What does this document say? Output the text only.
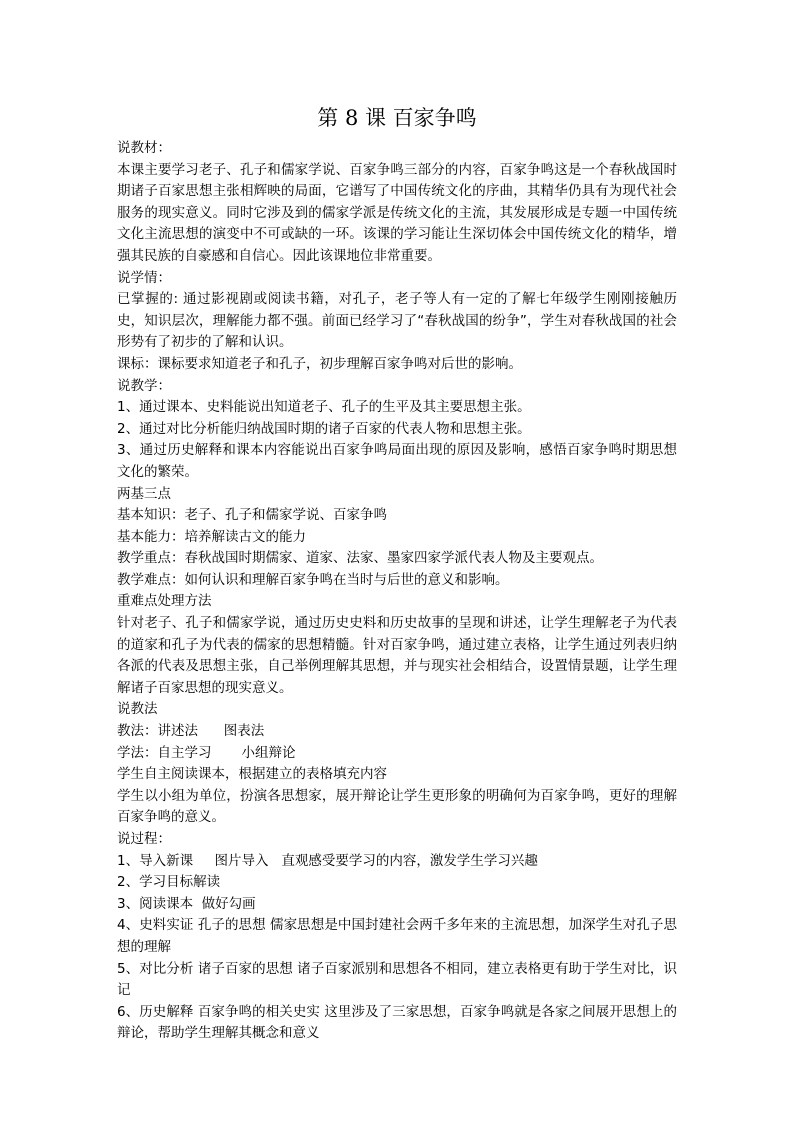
第 8 课 百家争鸣

说教材：

本课主要学习老子、孔子和儒家学说、百家争鸣三部分的内容，百家争鸣这是一个春秋战国时期诸子百家思想主张相辉映的局面，它谱写了中国传统文化的序曲，其精华仍具有为现代社会服务的现实意义。同时它涉及到的儒家学派是传统文化的主流，其发展形成是专题一中国传统文化主流思想的演变中不可或缺的一环。该课的学习能让生深切体会中国传统文化的精华，增强其民族的自豪感和自信心。因此该课地位非常重要。

说学情：

已掌握的: 通过影视剧或阅读书籍，对孔子，老子等人有一定的了解七年级学生刚刚接触历史，知识层次，理解能力都不强。前面已经学习了“春秋战国的纷争”，学生对春秋战国的社会形势有了初步的了解和认识。

课标：课标要求知道老子和孔子，初步理解百家争鸣对后世的影响。

说教学：

1、通过课本、史料能说出知道老子、孔子的生平及其主要思想主张。

2、通过对比分析能归纳战国时期的诸子百家的代表人物和思想主张。

3、通过历史解释和课本内容能说出百家争鸣局面出现的原因及影响，感悟百家争鸣时期思想文化的繁荣。

两基三点

基本知识：老子、孔子和儒家学说、百家争鸣

基本能力：培养解读古文的能力

教学重点：春秋战国时期儒家、道家、法家、墨家四家学派代表人物及主要观点。

教学难点：如何认识和理解百家争鸣在当时与后世的意义和影响。

重难点处理方法

针对老子、孔子和儒家学说，通过历史史料和历史故事的呈现和讲述，让学生理解老子为代表的道家和孔子为代表的儒家的思想精髓。针对百家争鸣，通过建立表格，让学生通过列表归纳各派的代表及思想主张，自己举例理解其思想，并与现实社会相结合，设置情景题，让学生理解诸子百家思想的现实意义。

说教法

教法：讲述法      图表法

学法：自主学习       小组辩论

学生自主阅读课本，根据建立的表格填充内容

学生以小组为单位，扮演各思想家，展开辩论让学生更形象的明确何为百家争鸣，更好的理解百家争鸣的意义。

说过程：

1、导入新课     图片导入   直观感受要学习的内容，激发学生学习兴趣

2、学习目标解读

3、阅读课本  做好勾画

4、史料实证 孔子的思想 儒家思想是中国封建社会两千多年来的主流思想，加深学生对孔子思想的理解

5、对比分析 诸子百家的思想 诸子百家派别和思想各不相同，建立表格更有助于学生对比，识记

6、历史解释 百家争鸣的相关史实 这里涉及了三家思想，百家争鸣就是各家之间展开思想上的辩论，帮助学生理解其概念和意义
